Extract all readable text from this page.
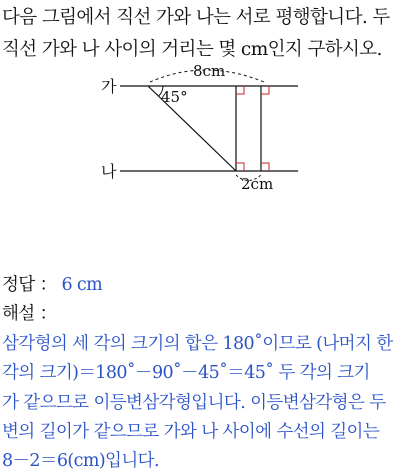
다음 그림에서 직선 가와 나는 서로 평행합니다. 두
직선 가와 나 사이의 거리는 몇 cm인지 구하시오.
가
나
8cm
45°
2cm
정답 ： 6 cm
해설 ：
삼각형의 세 각의 크기의 합은 180˚이므로 (나머지 한
각의 크기)＝180˚－90˚－45˚＝45˚ 두 각의 크기
가 같으므로 이등변삼각형입니다. 이등변삼각형은 두
변의 길이가 같으므로 가와 나 사이에 수선의 길이는
8－2＝6(cm)입니다.
